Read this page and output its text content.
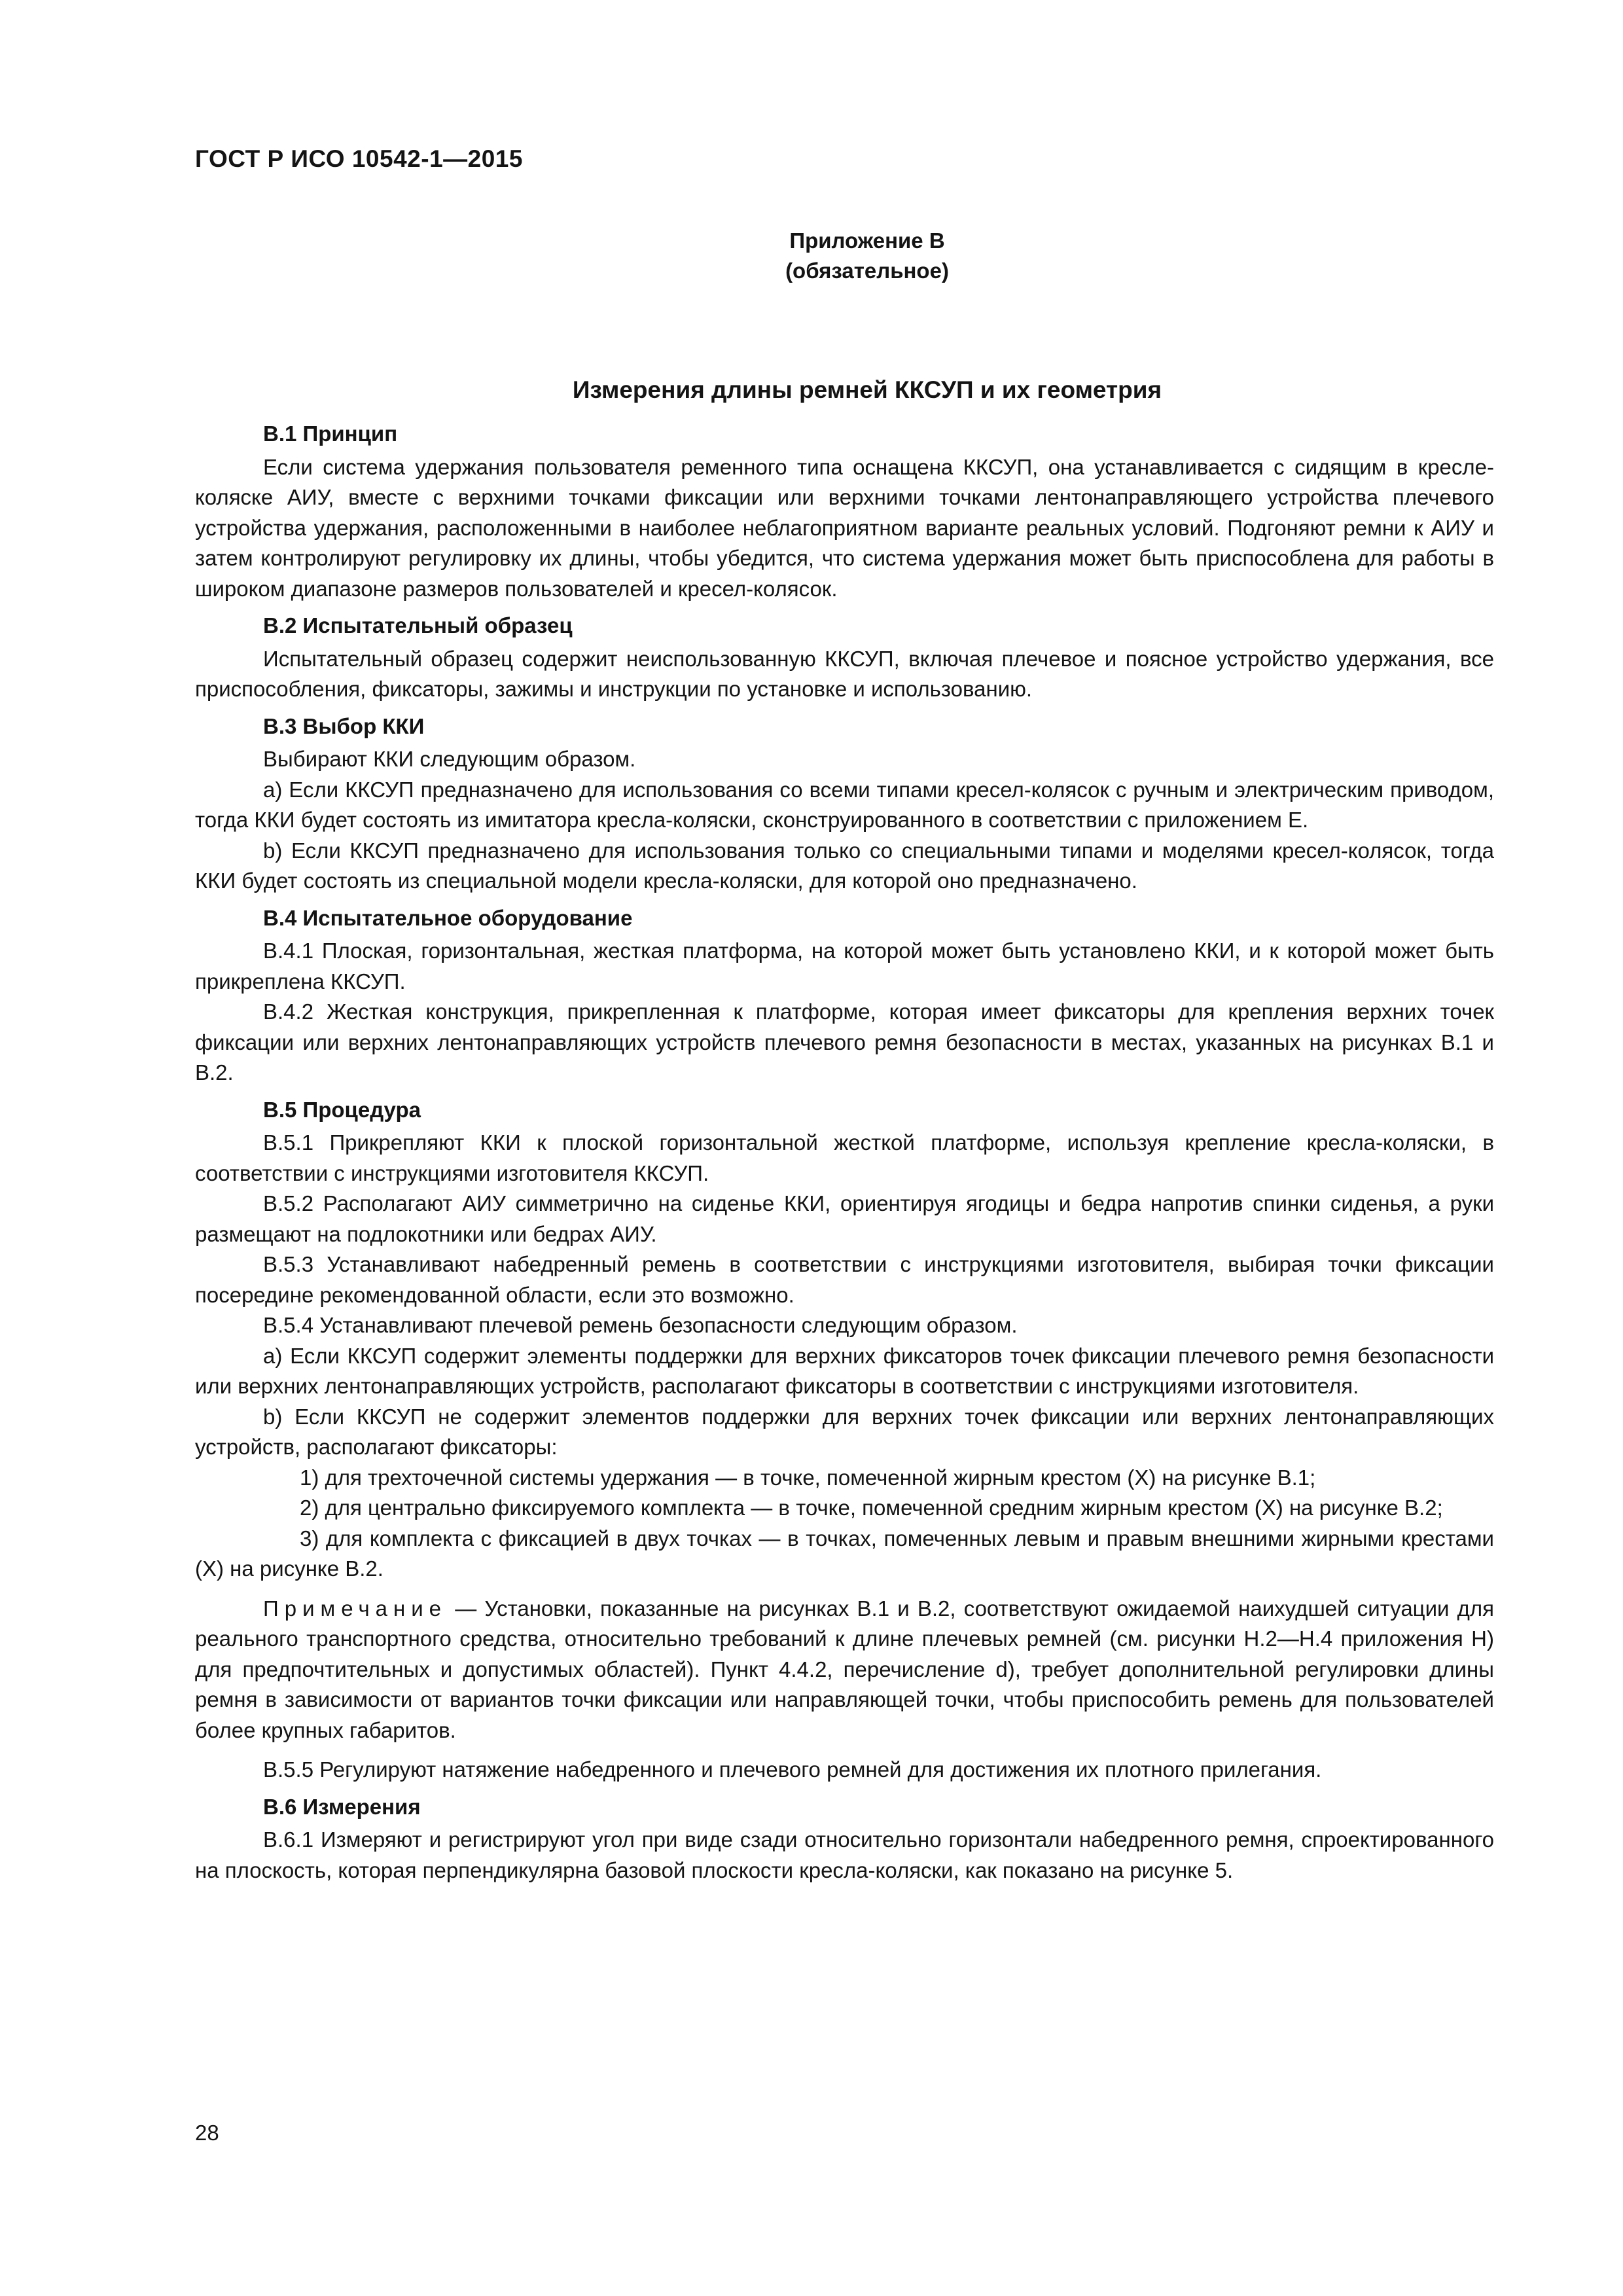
ГОСТ Р ИСО 10542-1—2015
Приложение В
(обязательное)
Измерения длины ремней ККСУП и их геометрия
В.1 Принцип

Если система удержания пользователя ременного типа оснащена ККСУП, она устанавливается с сидящим в кресле-коляске АИУ, вместе с верхними точками фиксации или верхними точками лентонаправляющего устройства плечевого устройства удержания, расположенными в наиболее неблагоприятном варианте реальных условий. Подгоняют ремни к АИУ и затем контролируют регулировку их длины, чтобы убедится, что система удержания может быть приспособлена для работы в широком диапазоне размеров пользователей и кресел-колясок.

В.2 Испытательный образец

Испытательный образец содержит неиспользованную ККСУП, включая плечевое и поясное устройство удержания, все приспособления, фиксаторы, зажимы и инструкции по установке и использованию.

В.3 Выбор ККИ

Выбирают ККИ следующим образом.

a) Если ККСУП предназначено для использования со всеми типами кресел-колясок с ручным и электрическим приводом, тогда ККИ будет состоять из имитатора кресла-коляски, сконструированного в соответствии с приложением Е.

b) Если ККСУП предназначено для использования только со специальными типами и моделями кресел-колясок, тогда ККИ будет состоять из специальной модели кресла-коляски, для которой оно предназначено.

В.4 Испытательное оборудование

В.4.1 Плоская, горизонтальная, жесткая платформа, на которой может быть установлено ККИ, и к которой может быть прикреплена ККСУП.

В.4.2 Жесткая конструкция, прикрепленная к платформе, которая имеет фиксаторы для крепления верхних точек фиксации или верхних лентонаправляющих устройств плечевого ремня безопасности в местах, указанных на рисунках В.1 и В.2.

В.5 Процедура

В.5.1 Прикрепляют ККИ к плоской горизонтальной жесткой платформе, используя крепление кресла-коляски, в соответствии с инструкциями изготовителя ККСУП.

В.5.2 Располагают АИУ симметрично на сиденье ККИ, ориентируя ягодицы и бедра напротив спинки сиденья, а руки размещают на подлокотники или бедрах АИУ.

В.5.3 Устанавливают набедренный ремень в соответствии с инструкциями изготовителя, выбирая точки фиксации посередине рекомендованной области, если это возможно.

В.5.4 Устанавливают плечевой ремень безопасности следующим образом.

a) Если ККСУП содержит элементы поддержки для верхних фиксаторов точек фиксации плечевого ремня безопасности или верхних лентонаправляющих устройств, располагают фиксаторы в соответствии с инструкциями изготовителя.

b) Если ККСУП не содержит элементов поддержки для верхних точек фиксации или верхних лентонаправляющих устройств, располагают фиксаторы:

1) для трехточечной системы удержания — в точке, помеченной жирным крестом (X) на рисунке В.1;

2) для центрально фиксируемого комплекта — в точке, помеченной средним жирным крестом (X) на рисунке В.2;

3) для комплекта с фиксацией в двух точках — в точках, помеченных левым и правым внешними жирными крестами (X) на рисунке В.2.

Примечание — Установки, показанные на рисунках В.1 и В.2, соответствуют ожидаемой наихудшей ситуации для реального транспортного средства, относительно требований к длине плечевых ремней (см. рисунки Н.2—Н.4 приложения Н) для предпочтительных и допустимых областей). Пункт 4.4.2, перечисление d), требует дополнительной регулировки длины ремня в зависимости от вариантов точки фиксации или направляющей точки, чтобы приспособить ремень для пользователей более крупных габаритов.

В.5.5 Регулируют натяжение набедренного и плечевого ремней для достижения их плотного прилегания.

В.6 Измерения

В.6.1 Измеряют и регистрируют угол при виде сзади относительно горизонтали набедренного ремня, спроектированного на плоскость, которая перпендикулярна базовой плоскости кресла-коляски, как показано на рисунке 5.

28
